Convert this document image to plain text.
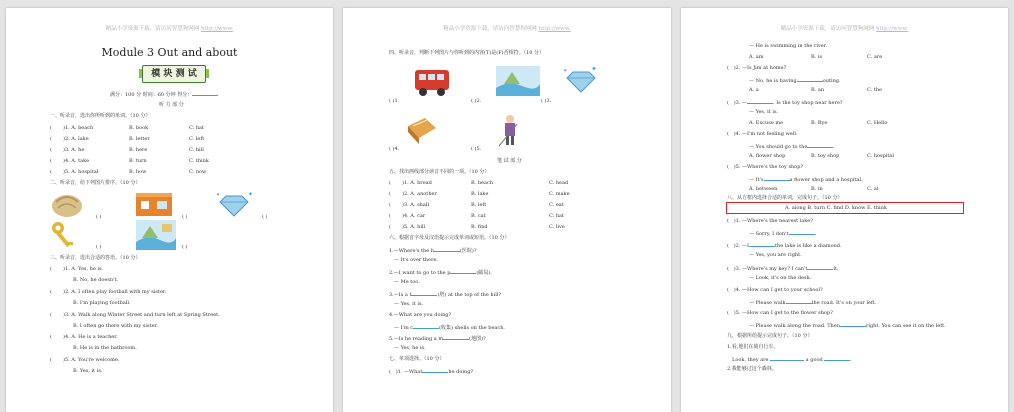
精品小学资源下载，请访问智慧狗网网 http://www.
Module 3 Out and about
模 块 测 试
满分：100 分 时间：60 分钟 得分：
听 力 部 分
一、听录音，选出你所听到的单词。（10 分）
( )1. A. beach	B. book	C. hat
( )2. A. lake	B. letter	C. left
( )3. A. he	B. here	C. hill
( )4. A. take	B. turn	C. think
( )5. A. hospital	B. how	C. now
二、听录音，给下列图片排序。（10 分）
✦
✦
( )	( )	( )
( )	( )
三、听录音，选出合适的答语。（10 分）
( )1. A. Yes, he is.
B. No, he doesn't.
( )2. A. I often play football with my sister.
B. I'm playing football.
( )3. A. Walk along Winter Street and turn left at Spring Street.
B. I often go there with my sister.
( )4. A. He is a teacher.
B. He is in the bathroom.
( )5. A. You're welcome.
B. Yes, it is.
精品小学资源下载，请访问智慧狗网网 http://www.
四、听录音，判断下列图片与你听到的内容(T)是(F)否相符。（10 分）
✦
✦
( )1.	( )2.	( )3.
( )4.	( )5.
笔 试 部 分
五、找出画线部分读音不同的一项。（10 分）
( )1. A. bread	B. beach	C. head
( )2. A. another	B. lake	C. make
( )3. A. shall	B. left	C. eat
( )4. A. car	B. cat	C. hat
( )5. A. hill	B. find	C. live
六、根据首字母及汉语提示完成单词或短语。（10 分）
1.—Where's the h	(医院)?
— It's over there.
2.—I want to go to the p	(邮局).
— Me too.
3.—Is a t	(塔) at the top of the hill?
— Yes, it is.
4.—What are you doing?
— I'm c	(收集) shells on the beach.
5.—Is he reading a m	(地图)?
— Yes, he is.
七、单项选择。（10 分）
(   )1. —What	he doing?
精品小学资源下载，请访问智慧狗网网 http://www.
— He is swimming in the river.
A. am	B. is	C. are
(   )2. —Is Jim at home?
— No, he is having	outing.
A. a	B. an	C. the
(   )3. —	. Is the toy shop near here?
— Yes, it is.
A. Excuse me	B. Bye	C. Hello
(   )4. —I'm not feeling well.
— You should go to the	.
A. flower shop	B. toy shop	C. hospital
(   )5. —Where's the toy shop?
— It's	a flower shop and a hospital.
A. between	B. in	C. at
八、从方框内选择合适的单词，完成句子。（10 分）
A. along B. turn C. find D. know E. think
(   )1. —Where's the nearest lake?
— Sorry, I don't	.
(   )2. —I	the lake is like a diamond.
— Yes, you are right.
(   )3. —Where's my key? I can't	it.
— Look, it's on the desk.
(   )4. —How can I get to your school?
— Please walk	the road. It's on your left.
(   )5. —How can I get to the flower shop?
— Please walk along the road. Then	right. You can see it on the left.
九、根据所给提示完成句子。（10 分）
1.看,他们在骑自行车。
Look, they are	a good	.
2.我能够过这个森林。
